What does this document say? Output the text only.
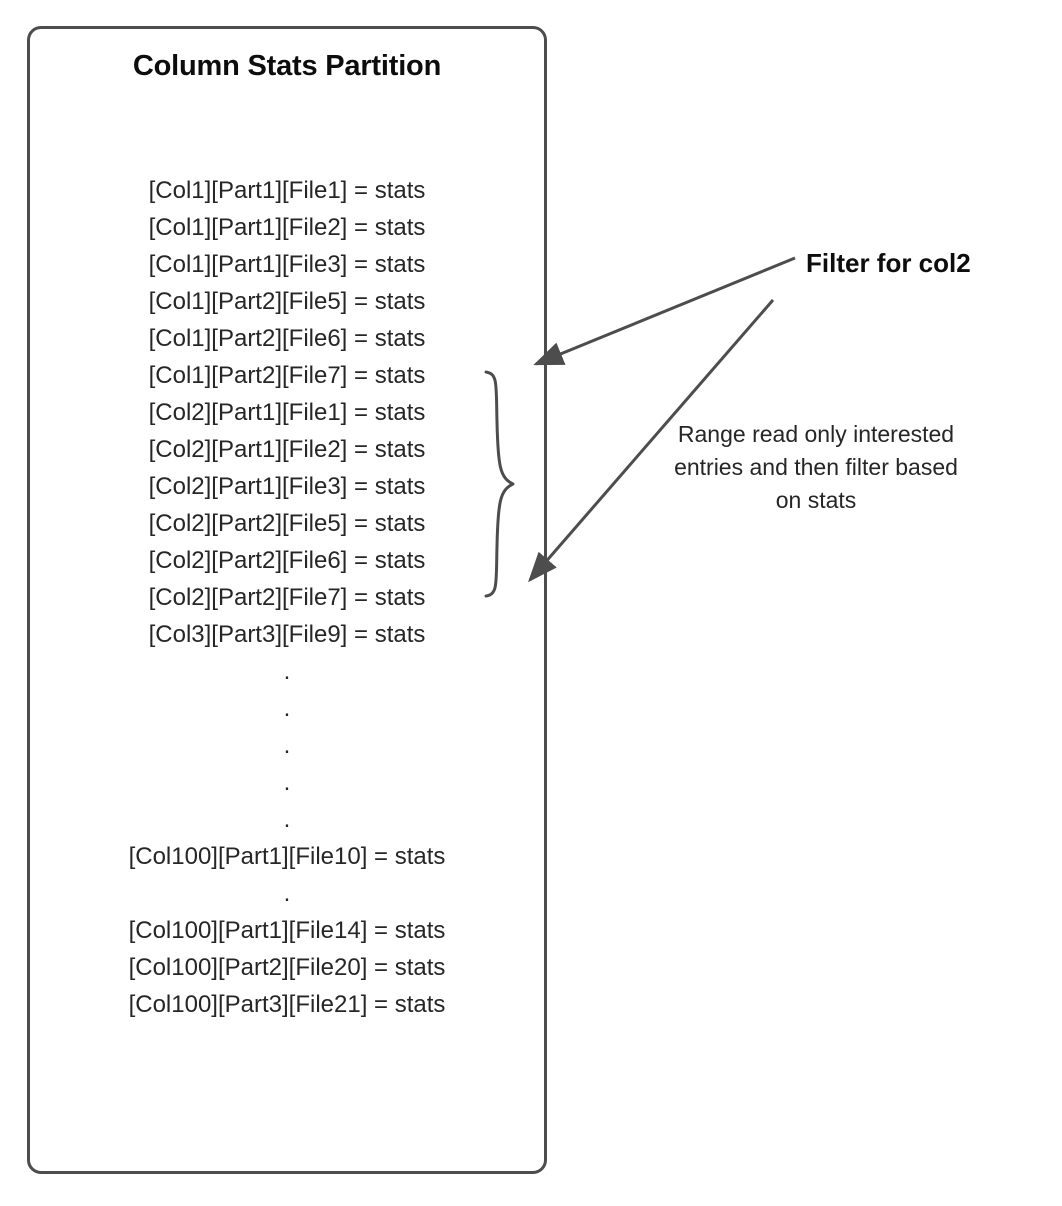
Column Stats Partition
[Col1][Part1][File1] = stats
[Col1][Part1][File2] = stats
[Col1][Part1][File3] = stats
[Col1][Part2][File5] = stats
[Col1][Part2][File6] = stats
[Col1][Part2][File7] = stats
[Col2][Part1][File1] = stats
[Col2][Part1][File2] = stats
[Col2][Part1][File3] = stats
[Col2][Part2][File5] = stats
[Col2][Part2][File6] = stats
[Col2][Part2][File7] = stats
[Col3][Part3][File9] = stats
.
.
.
.
.
[Col100][Part1][File10] = stats
.
[Col100][Part1][File14] = stats
[Col100][Part2][File20] = stats
[Col100][Part3][File21] = stats
Filter for col2
Range read only interested entries and then filter based on stats
